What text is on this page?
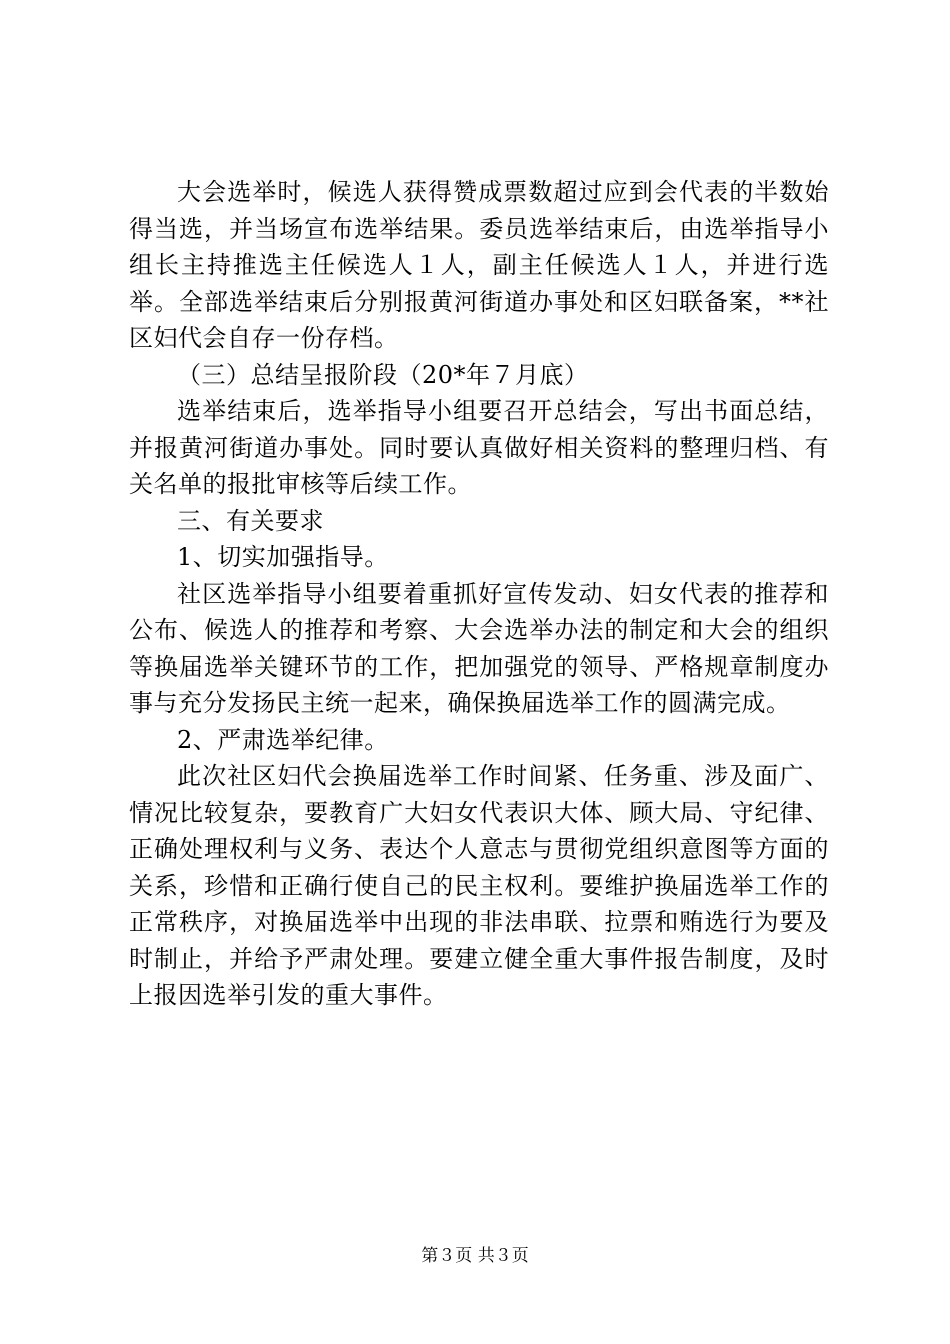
大会选举时，候选人获得赞成票数超过应到会代表的半数始得当选，并当场宣布选举结果。委员选举结束后，由选举指导小组长主持推选主任候选人１人，副主任候选人１人，并进行选举。全部选举结束后分别报黄河街道办事处和区妇联备案，**社区妇代会自存一份存档。

（三）总结呈报阶段（20*年７月底）

选举结束后，选举指导小组要召开总结会，写出书面总结，并报黄河街道办事处。同时要认真做好相关资料的整理归档、有关名单的报批审核等后续工作。

三、有关要求

1、切实加强指导。

社区选举指导小组要着重抓好宣传发动、妇女代表的推荐和公布、候选人的推荐和考察、大会选举办法的制定和大会的组织等换届选举关键环节的工作，把加强党的领导、严格规章制度办事与充分发扬民主统一起来，确保换届选举工作的圆满完成。

2、严肃选举纪律。

此次社区妇代会换届选举工作时间紧、任务重、涉及面广、情况比较复杂，要教育广大妇女代表识大体、顾大局、守纪律、正确处理权利与义务、表达个人意志与贯彻党组织意图等方面的关系，珍惜和正确行使自己的民主权利。要维护换届选举工作的正常秩序，对换届选举中出现的非法串联、拉票和贿选行为要及时制止，并给予严肃处理。要建立健全重大事件报告制度，及时上报因选举引发的重大事件。

第３页 共３页
